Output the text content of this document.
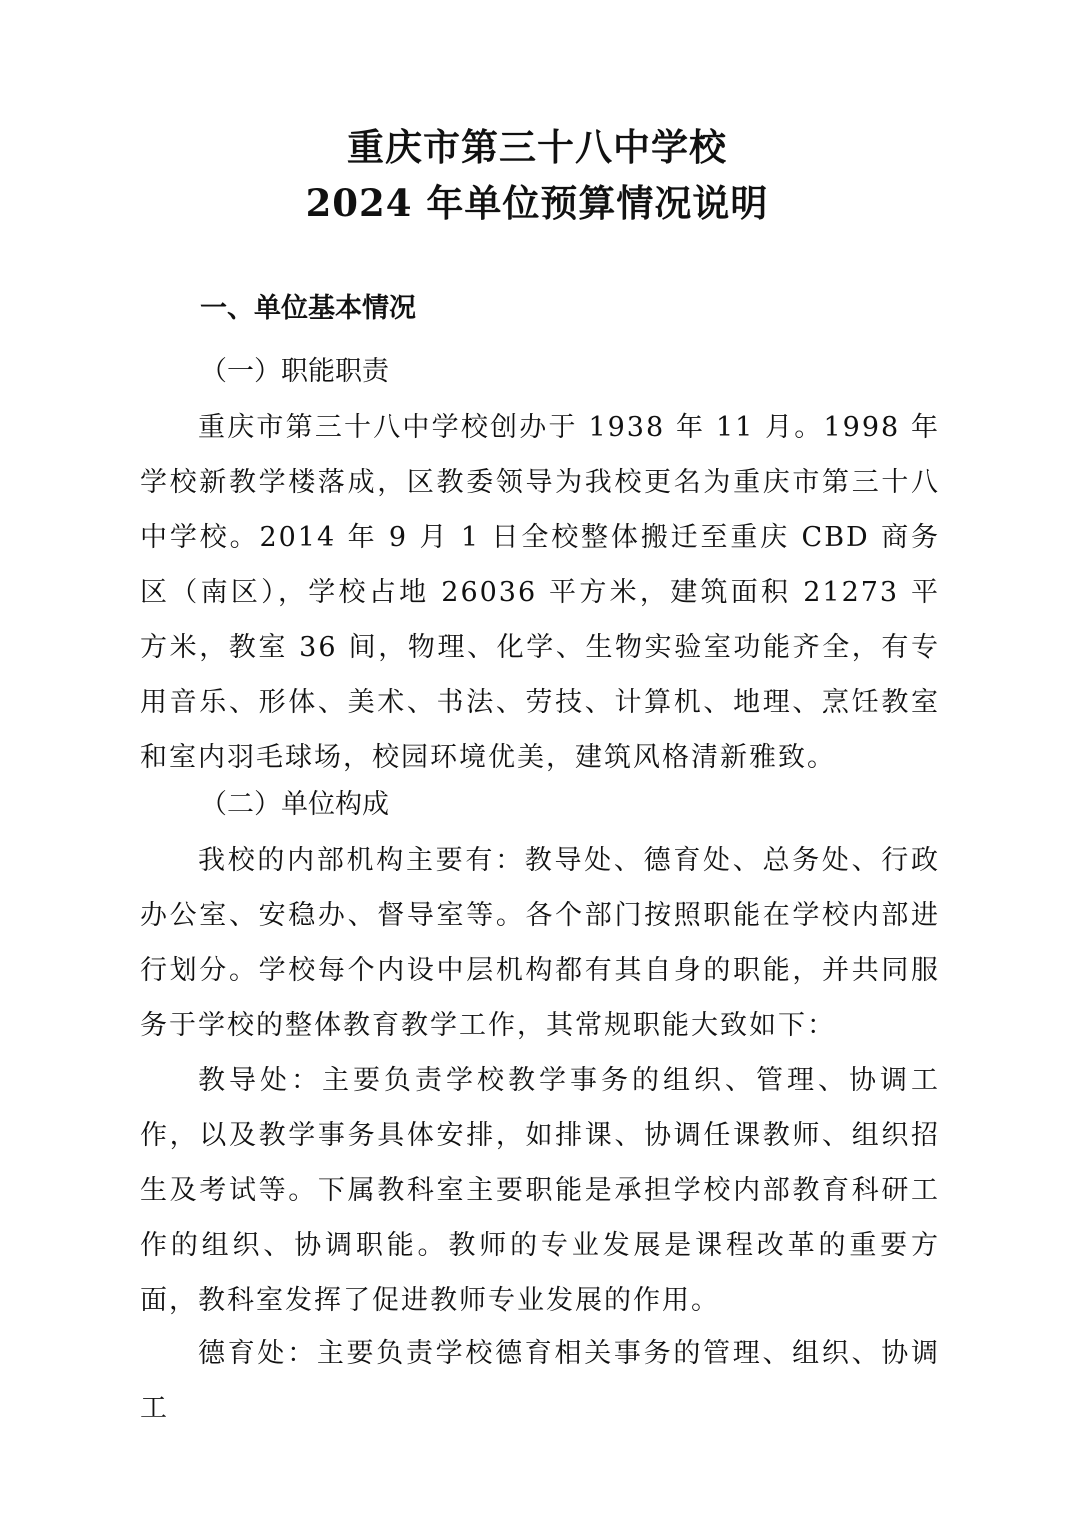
重庆市第三十八中学校
2024 年单位预算情况说明
一、单位基本情况
（一）职能职责

重庆市第三十八中学校创办于 1938 年 11 月。1998 年学校新教学楼落成，区教委领导为我校更名为重庆市第三十八中学校。2014 年 9 月 1 日全校整体搬迁至重庆 CBD 商务区（南区），学校占地 26036 平方米，建筑面积 21273 平方米，教室 36 间，物理、化学、生物实验室功能齐全，有专用音乐、形体、美术、书法、劳技、计算机、地理、烹饪教室和室内羽毛球场，校园环境优美，建筑风格清新雅致。

（二）单位构成

我校的内部机构主要有：教导处、德育处、总务处、行政办公室、安稳办、督导室等。各个部门按照职能在学校内部进行划分。学校每个内设中层机构都有其自身的职能，并共同服务于学校的整体教育教学工作，其常规职能大致如下：

教导处：主要负责学校教学事务的组织、管理、协调工作，以及教学事务具体安排，如排课、协调任课教师、组织招生及考试等。下属教科室主要职能是承担学校内部教育科研工作的组织、协调职能。教师的专业发展是课程改革的重要方面，教科室发挥了促进教师专业发展的作用。

德育处：主要负责学校德育相关事务的管理、组织、协调工
